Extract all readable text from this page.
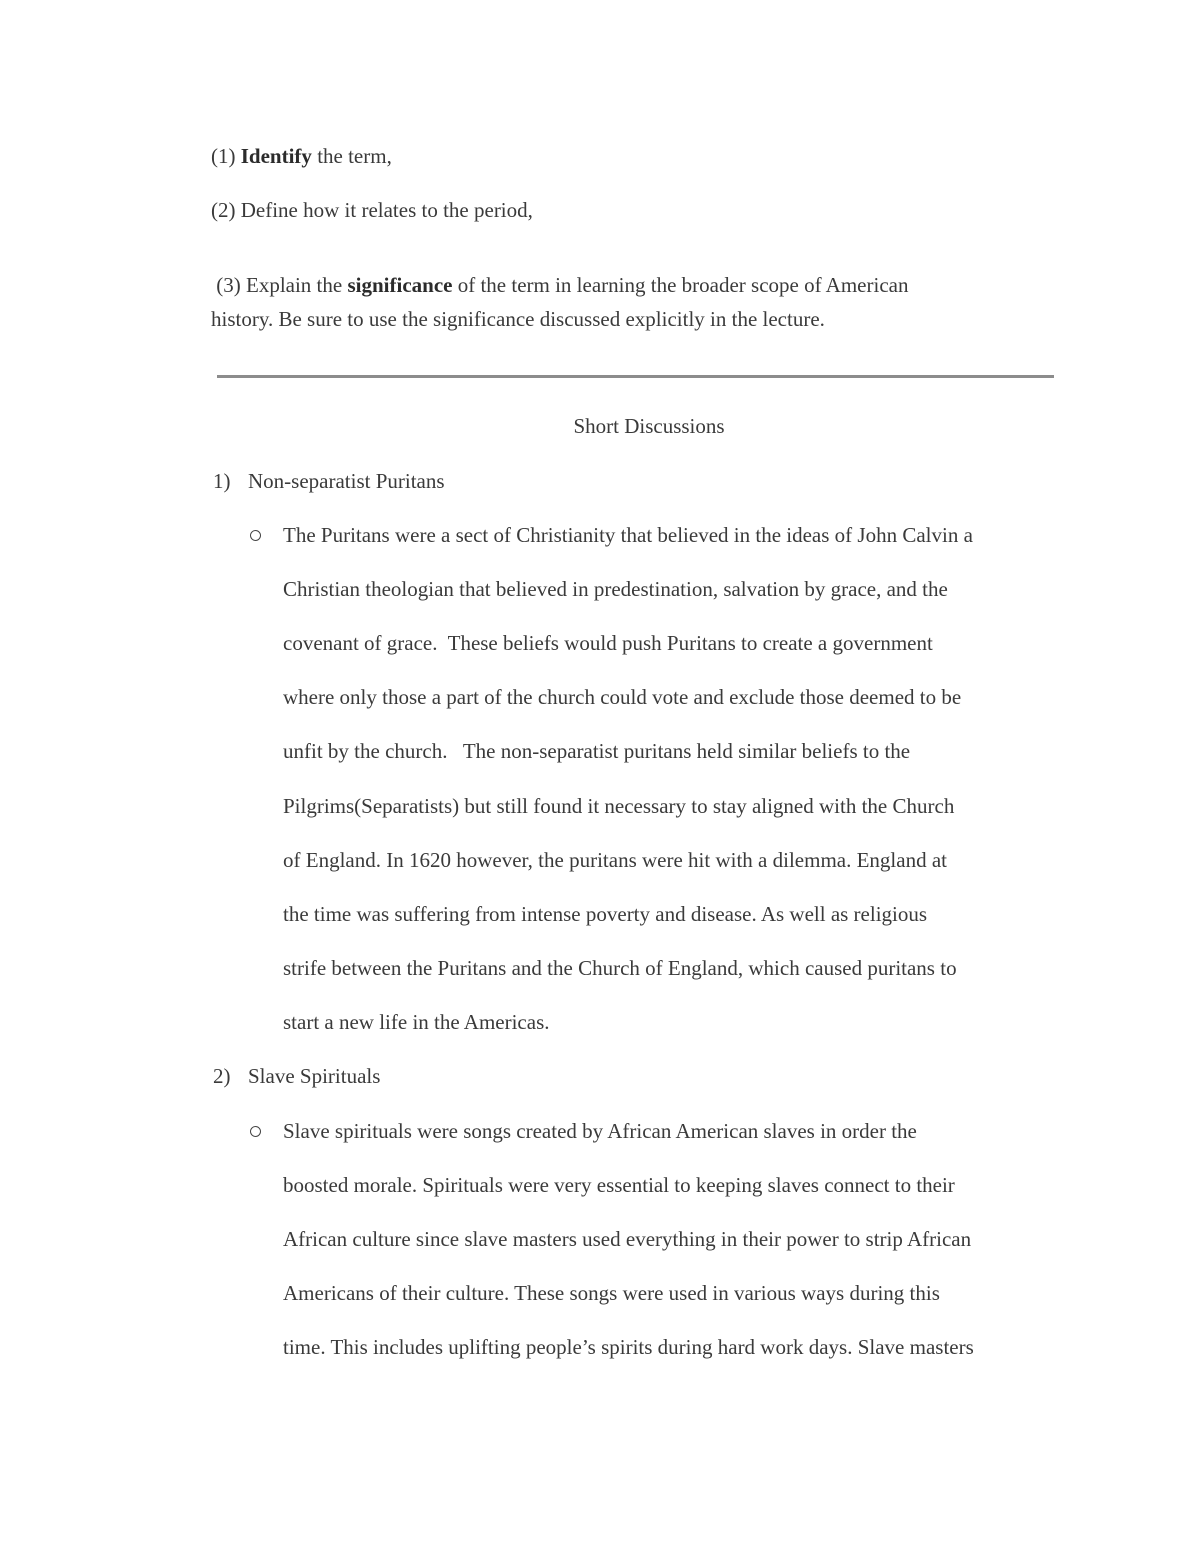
(1) Identify the term,
(2) Define how it relates to the period,

(3) Explain the significance of the term in learning the broader scope of American
history. Be sure to use the significance discussed explicitly in the lecture.
Short Discussions
1) Non-separatist Puritans
The Puritans were a sect of Christianity that believed in the ideas of John Calvin a
Christian theologian that believed in predestination, salvation by grace, and the
covenant of grace.  These beliefs would push Puritans to create a government
where only those a part of the church could vote and exclude those deemed to be
unfit by the church.   The non-separatist puritans held similar beliefs to the
Pilgrims(Separatists) but still found it necessary to stay aligned with the Church
of England. In 1620 however, the puritans were hit with a dilemma. England at
the time was suffering from intense poverty and disease. As well as religious
strife between the Puritans and the Church of England, which caused puritans to
start a new life in the Americas.
2) Slave Spirituals
Slave spirituals were songs created by African American slaves in order the
boosted morale. Spirituals were very essential to keeping slaves connect to their
African culture since slave masters used everything in their power to strip African
Americans of their culture. These songs were used in various ways during this
time. This includes uplifting people’s spirits during hard work days. Slave masters
